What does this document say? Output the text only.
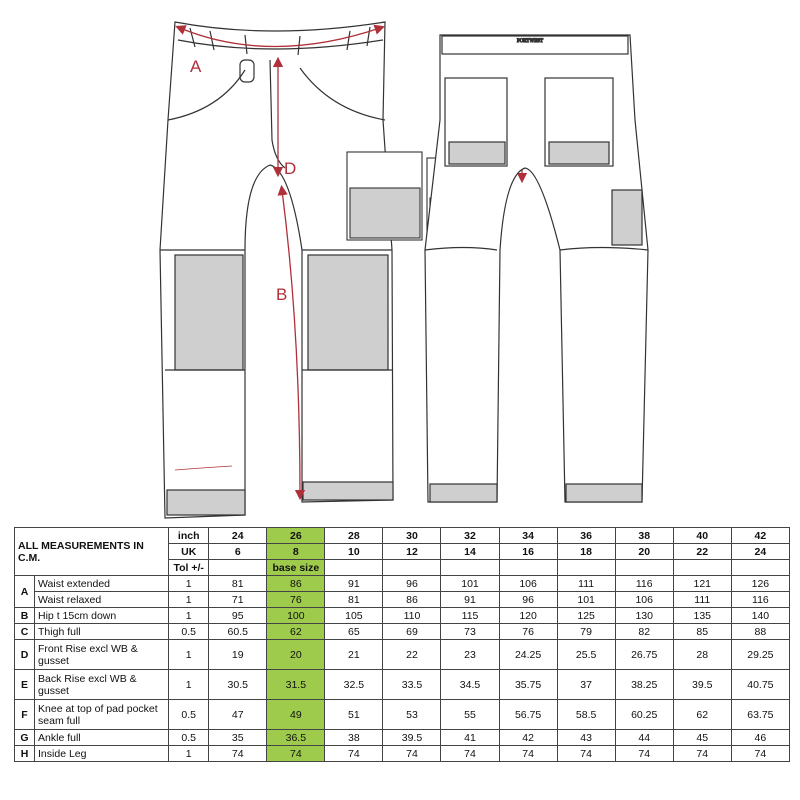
A
B
D
PORTWEST
ALL MEASUREMENTS IN C.M.		inch	24	26	28	30	32	34	36	38	40	42
		UK	6	8	10	12	14	16	18	20	22	24
		Tol +/-		base size								
A	Waist extended	1	81	86	91	96	101	106	111	116	121	126
	Waist relaxed	1	71	76	81	86	91	96	101	106	111	116
B	Hip t 15cm down	1	95	100	105	110	115	120	125	130	135	140
C	Thigh full	0.5	60.5	62	65	69	73	76	79	82	85	88
D	Front Rise excl WB & gusset	1	19	20	21	22	23	24.25	25.5	26.75	28	29.25
E	Back Rise excl WB & gusset	1	30.5	31.5	32.5	33.5	34.5	35.75	37	38.25	39.5	40.75
F	Knee at top of pad pocket seam full	0.5	47	49	51	53	55	56.75	58.5	60.25	62	63.75
G	Ankle full	0.5	35	36.5	38	39.5	41	42	43	44	45	46
H	Inside Leg	1	74	74	74	74	74	74	74	74	74	74
